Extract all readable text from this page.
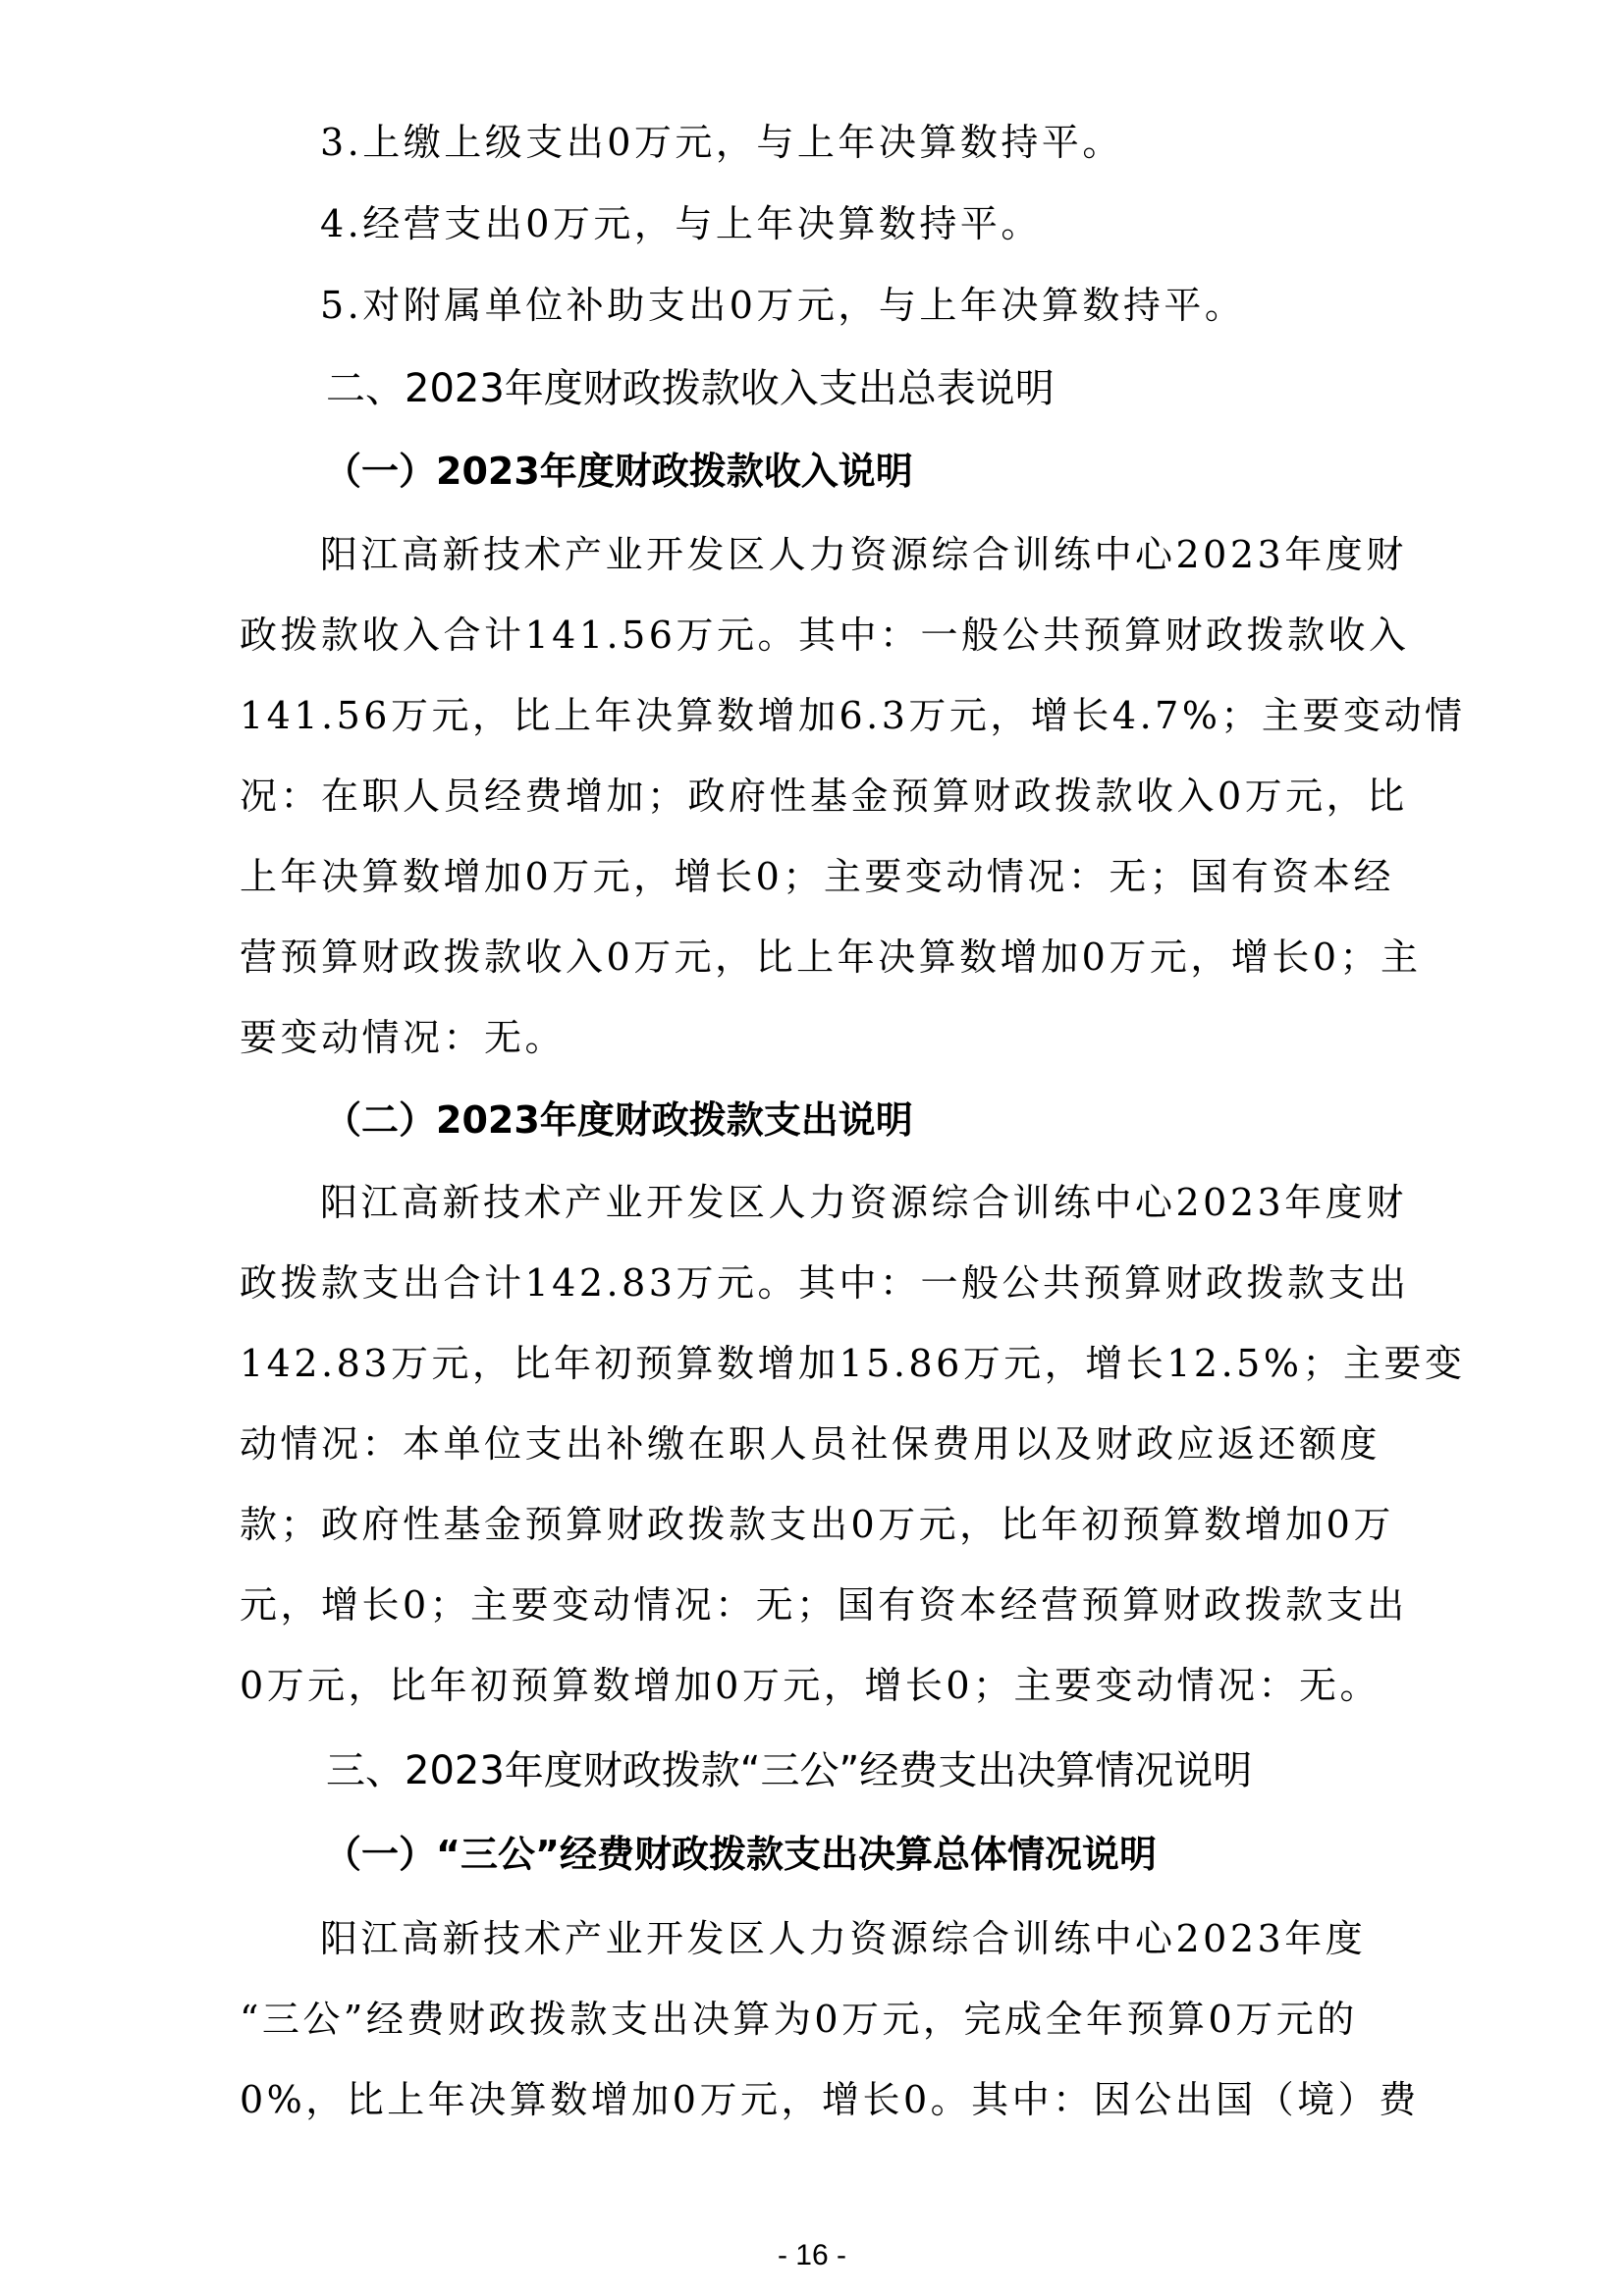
3.上缴上级支出0万元，与上年决算数持平。
4.经营支出0万元，与上年决算数持平。
5.对附属单位补助支出0万元，与上年决算数持平。
二、2023年度财政拨款收入支出总表说明
（一）2023年度财政拨款收入说明
阳江高新技术产业开发区人力资源综合训练中心2023年度财
政拨款收入合计141.56万元。其中：一般公共预算财政拨款收入
141.56万元，比上年决算数增加6.3万元，增长4.7%；主要变动情
况：在职人员经费增加；政府性基金预算财政拨款收入0万元，比
上年决算数增加0万元，增长0；主要变动情况：无；国有资本经
营预算财政拨款收入0万元，比上年决算数增加0万元，增长0；主
要变动情况：无。
（二）2023年度财政拨款支出说明
阳江高新技术产业开发区人力资源综合训练中心2023年度财
政拨款支出合计142.83万元。其中：一般公共预算财政拨款支出
142.83万元，比年初预算数增加15.86万元，增长12.5%；主要变
动情况：本单位支出补缴在职人员社保费用以及财政应返还额度
款；政府性基金预算财政拨款支出0万元，比年初预算数增加0万
元，增长0；主要变动情况：无；国有资本经营预算财政拨款支出
0万元，比年初预算数增加0万元，增长0；主要变动情况：无。
三、2023年度财政拨款“三公”经费支出决算情况说明
（一）“三公”经费财政拨款支出决算总体情况说明
阳江高新技术产业开发区人力资源综合训练中心2023年度
“三公”经费财政拨款支出决算为0万元，完成全年预算0万元的
0%，比上年决算数增加0万元，增长0。其中：因公出国（境）费
- 16 -
